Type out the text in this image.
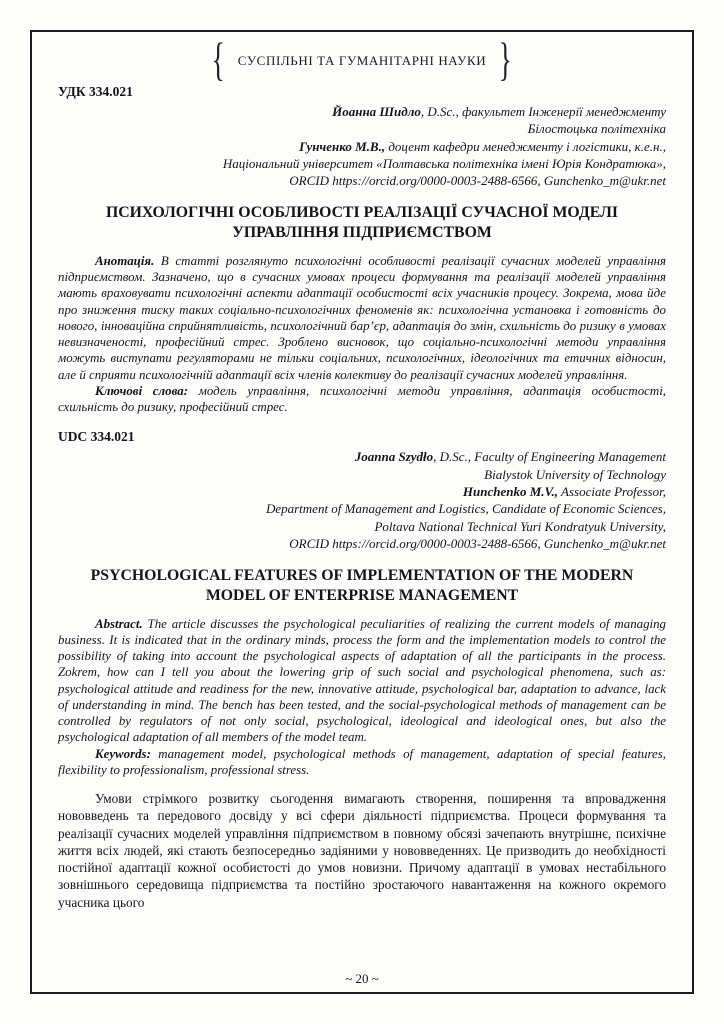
{ СУСПІЛЬНІ ТА ГУМАНІТАРНІ НАУКИ }
УДК 334.021
Йоанна Шидло, D.Sc., факультет Інженерії менеджменту
Білостоцька політехніка
Гунченко М.В., доцент кафедри менеджменту і логістики, к.е.н.,
Національний університет «Полтавська політехніка імені Юрія Кондратюка»,
ORCID https://orcid.org/0000-0003-2488-6566, Gunchenko_m@ukr.net
ПСИХОЛОГІЧНІ ОСОБЛИВОСТІ РЕАЛІЗАЦІЇ СУЧАСНОЇ МОДЕЛІ УПРАВЛІННЯ ПІДПРИЄМСТВОМ

Анотація. В статті розглянуто психологічні особливості реалізації сучасних моделей управління підприємством. Зазначено, що в сучасних умовах процеси формування та реалізації моделей управління мають враховувати психологічні аспекти адаптації особистості всіх учасників процесу. Зокрема, мова йде про зниження тиску таких соціально-психологічних феноменів як: психологічна установка і готовність до нового, інноваційна сприйнятливість, психологічний бар’єр, адаптація до змін, схильність до ризику в умовах невизначеності, професійний стрес. Зроблено висновок, що соціально-психологічні методи управління можуть виступати регуляторами не тільки соціальних, психологічних, ідеологічних та етичних відносин, але й сприяти психологічній адаптації всіх членів колективу до реалізації сучасних моделей управління.

Ключові слова: модель управління, психологічні методи управління, адаптація особистості, схильність до ризику, професійний стрес.

UDC 334.021
Joanna Szydło, D.Sc., Faculty of Engineering Management
Bialystok University of Technology
Hunchenko M.V., Associate Professor,
Department of Management and Logistics, Candidate of Economic Sciences,
Poltava National Technical Yuri Kondratyuk University,
ORCID https://orcid.org/0000-0003-2488-6566, Gunchenko_m@ukr.net
PSYCHOLOGICAL FEATURES OF IMPLEMENTATION OF THE MODERN MODEL OF ENTERPRISE MANAGEMENT

Abstract. The article discusses the psychological peculiarities of realizing the current models of managing business. It is indicated that in the ordinary minds, process the form and the implementation models to control the possibility of taking into account the psychological aspects of adaptation of all the participants in the process. Zokrem, how can I tell you about the lowering grip of such social and psychological phenomena, such as: psychological attitude and readiness for the new, innovative attitude, psychological bar, adaptation to advance, lack of understanding in mind. The bench has been tested, and the social-psychological methods of management can be controlled by regulators of not only social, psychological, ideological and ideological ones, but also the psychological adaptation of all members of the model team.

Keywords: management model, psychological methods of management, adaptation of special features, flexibility to professionalism, professional stress.

Умови стрімкого розвитку сьогодення вимагають створення, поширення та впровадження нововведень та передового досвіду у всі сфери діяльності підприємства. Процеси формування та реалізації сучасних моделей управління підприємством в повному обсязі зачепають внутрішнє, психічне життя всіх людей, які стають безпосередньо задіяними у нововведеннях. Це призводить до необхідності постійної адаптації кожної особистості до умов новизни. Причому адаптації в умовах нестабільного зовнішнього середовища підприємства та постійно зростаючого навантаження на кожного окремого учасника цього

~ 20 ~
